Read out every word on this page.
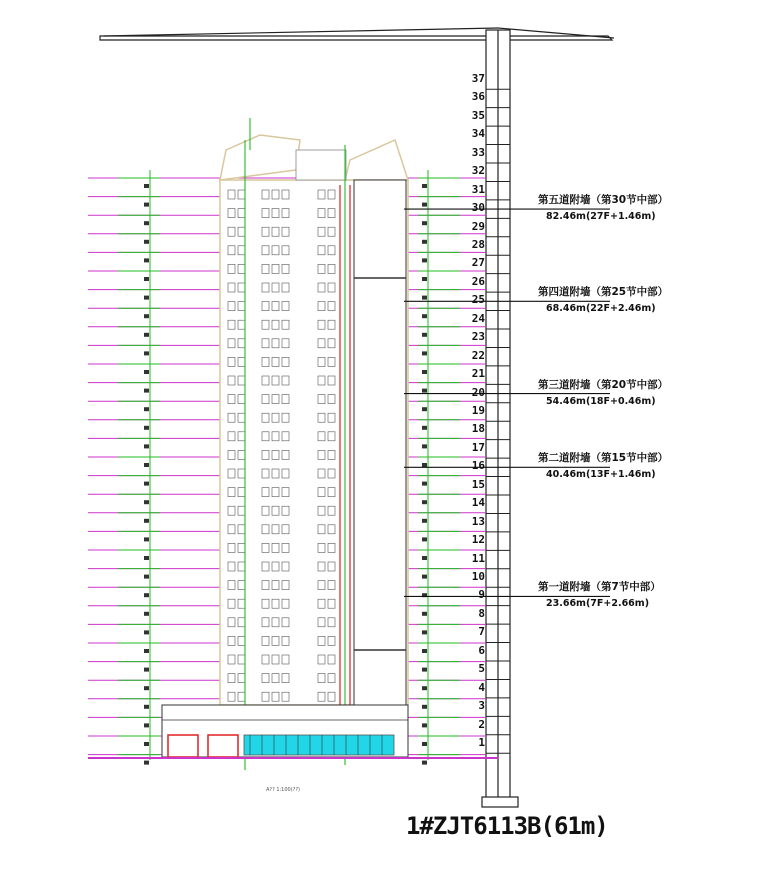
1
2
3
4
5
6
7
8
9
10
11
12
13
14
15
16
17
18
19
20
21
22
23
24
25
26
27
28
29
30
31
32
33
34
35
36
37
第五道附墙（第30节中部）
82.46m(27F+1.46m)
第四道附墙（第25节中部）
68.46m(22F+2.46m)
第三道附墙（第20节中部）
54.46m(18F+0.46m)
第二道附墙（第15节中部）
40.46m(13F+1.46m)
第一道附墙（第7节中部）
23.66m(7F+2.66m)
A?? 1:100(??)
1#ZJT6113B(61m)
